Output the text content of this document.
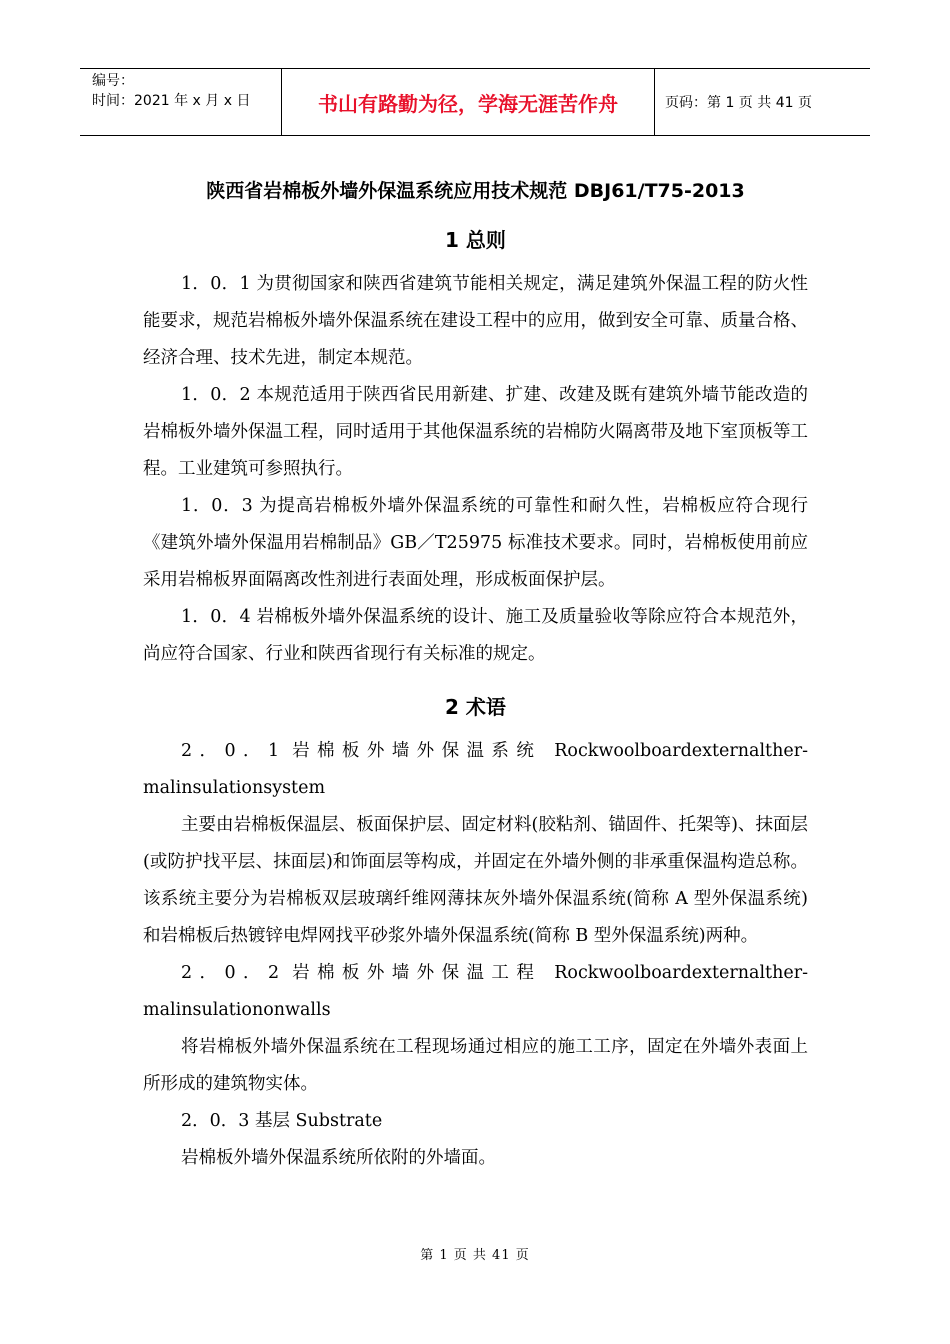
编号：
时间：2021 年 x 月 x 日	书山有路勤为径，学海无涯苦作舟	页码：第 1 页 共 41 页
陕西省岩棉板外墙外保温系统应用技术规范 DBJ61/T75-2013
1 总则

1．0．1 为贯彻国家和陕西省建筑节能相关规定，满足建筑外保温工程的防火性能要求，规范岩棉板外墙外保温系统在建设工程中的应用，做到安全可靠、质量合格、经济合理、技术先进，制定本规范。

1．0．2 本规范适用于陕西省民用新建、扩建、改建及既有建筑外墙节能改造的岩棉板外墙外保温工程，同时适用于其他保温系统的岩棉防火隔离带及地下室顶板等工程。工业建筑可参照执行。

1．0．3 为提高岩棉板外墙外保温系统的可靠性和耐久性，岩棉板应符合现行《建筑外墙外保温用岩棉制品》GB／T25975 标准技术要求。同时，岩棉板使用前应采用岩棉板界面隔离改性剂进行表面处理，形成板面保护层。

1．0．4 岩棉板外墙外保温系统的设计、施工及质量验收等除应符合本规范外，尚应符合国家、行业和陕西省现行有关标准的规定。

2 术语

2．0．1 岩棉板外墙外保温系统 Rockwoolboardexternalther-malinsulationsystem

主要由岩棉板保温层、板面保护层、固定材料(胶粘剂、锚固件、托架等)、抹面层(或防护找平层、抹面层)和饰面层等构成，并固定在外墙外侧的非承重保温构造总称。该系统主要分为岩棉板双层玻璃纤维网薄抹灰外墙外保温系统(简称 A 型外保温系统)和岩棉板后热镀锌电焊网找平砂浆外墙外保温系统(简称 B 型外保温系统)两种。

2．0．2 岩棉板外墙外保温工程 Rockwoolboardexternalther-malinsulationonwalls

将岩棉板外墙外保温系统在工程现场通过相应的施工工序，固定在外墙外表面上所形成的建筑物实体。

2．0．3 基层 Substrate

岩棉板外墙外保温系统所依附的外墙面。

第 1 页 共 41 页
